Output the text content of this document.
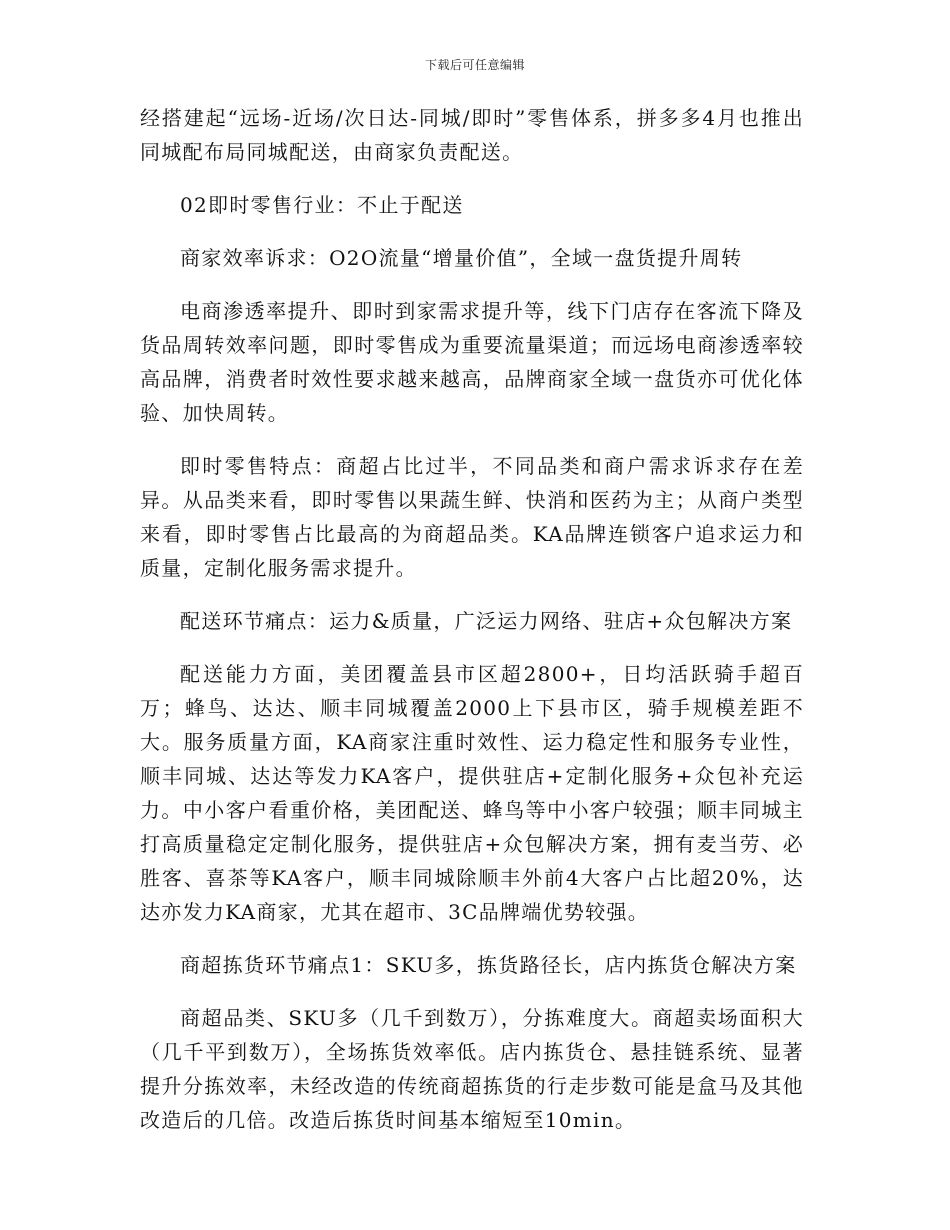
下载后可任意编辑

经搭建起“远场-近场/次日达-同城/即时”零售体系，拼多多4月也推出同城配布局同城配送，由商家负责配送。

02即时零售行业：不止于配送

商家效率诉求：O2O流量“增量价值”，全域一盘货提升周转

电商渗透率提升、即时到家需求提升等，线下门店存在客流下降及货品周转效率问题，即时零售成为重要流量渠道；而远场电商渗透率较高品牌，消费者时效性要求越来越高，品牌商家全域一盘货亦可优化体验、加快周转。

即时零售特点：商超占比过半，不同品类和商户需求诉求存在差异。从品类来看，即时零售以果蔬生鲜、快消和医药为主；从商户类型来看，即时零售占比最高的为商超品类。KA品牌连锁客户追求运力和质量，定制化服务需求提升。

配送环节痛点：运力&质量，广泛运力网络、驻店+众包解决方案

配送能力方面，美团覆盖县市区超2800+，日均活跃骑手超百万；蜂鸟、达达、顺丰同城覆盖2000上下县市区，骑手规模差距不大。服务质量方面，KA商家注重时效性、运力稳定性和服务专业性，顺丰同城、达达等发力KA客户，提供驻店+定制化服务+众包补充运力。中小客户看重价格，美团配送、蜂鸟等中小客户较强；顺丰同城主打高质量稳定定制化服务，提供驻店+众包解决方案，拥有麦当劳、必胜客、喜茶等KA客户，顺丰同城除顺丰外前4大客户占比超20%，达达亦发力KA商家，尤其在超市、3C品牌端优势较强。

商超拣货环节痛点1：SKU多，拣货路径长，店内拣货仓解决方案

商超品类、SKU多（几千到数万），分拣难度大。商超卖场面积大（几千平到数万），全场拣货效率低。店内拣货仓、悬挂链系统、显著提升分拣效率，未经改造的传统商超拣货的行走步数可能是盒马及其他改造后的几倍。改造后拣货时间基本缩短至10min。
